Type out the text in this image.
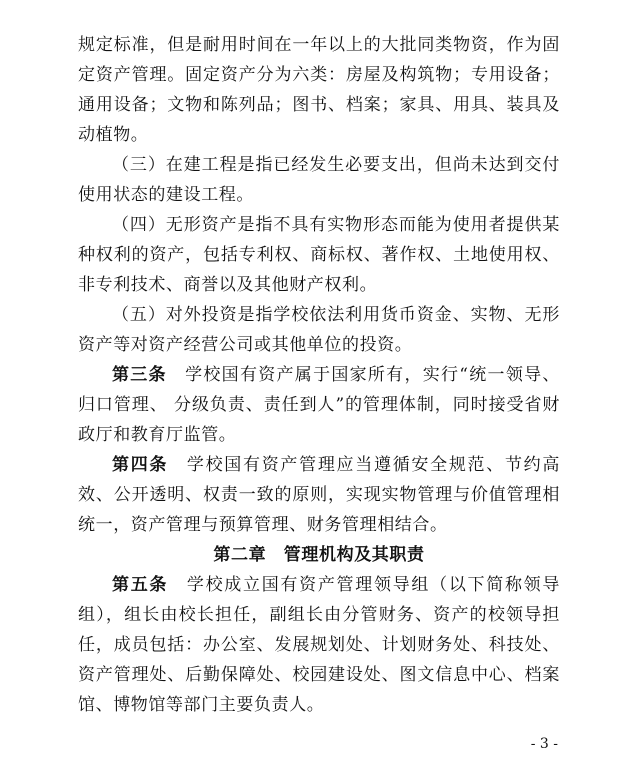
规定标准，但是耐用时间在一年以上的大批同类物资，作为固定资产管理。固定资产分为六类：房屋及构筑物；专用设备；通用设备；文物和陈列品；图书、档案；家具、用具、装具及动植物。

（三）在建工程是指已经发生必要支出，但尚未达到交付使用状态的建设工程。

（四）无形资产是指不具有实物形态而能为使用者提供某种权利的资产，包括专利权、商标权、著作权、土地使用权、非专利技术、商誉以及其他财产权利。

（五）对外投资是指学校依法利用货币资金、实物、无形资产等对资产经营公司或其他单位的投资。

第三条　 学校国有资产属于国家所有，实行“统一领导、归口管理、 分级负责、责任到人”的管理体制，同时接受省财政厅和教育厅监管。

第四条　 学校国有资产管理应当遵循安全规范、节约高效、公开透明、权责一致的原则，实现实物管理与价值管理相统一，资产管理与预算管理、财务管理相结合。

第二章　管理机构及其职责

第五条　 学校成立国有资产管理领导组（以下简称领导组），组长由校长担任，副组长由分管财务、资产的校领导担任，成员包括：办公室、发展规划处、计划财务处、科技处、资产管理处、后勤保障处、校园建设处、图文信息中心、档案馆、博物馆等部门主要负责人。

- 3 -
